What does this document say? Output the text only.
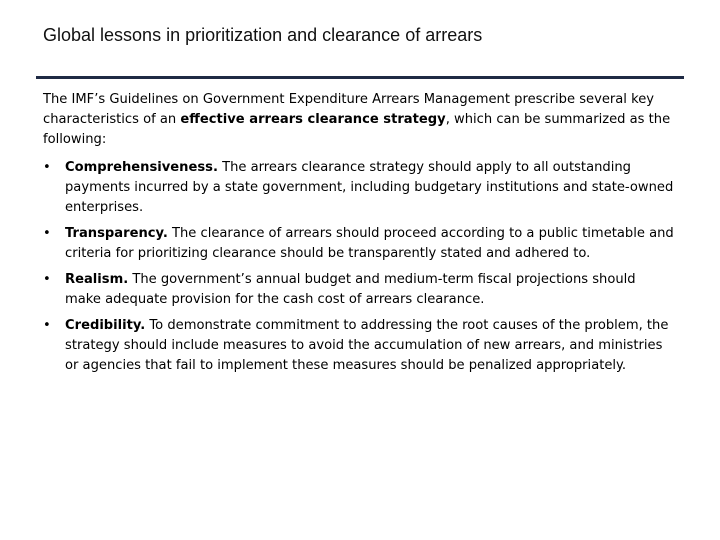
Global lessons in prioritization and clearance of arrears

The IMF’s Guidelines on Government Expenditure Arrears Management prescribe several key characteristics of an effective arrears clearance strategy, which can be summarized as the following:

•	Comprehensiveness. The arrears clearance strategy should apply to all outstanding payments incurred by a state government, including budgetary institutions and state-owned enterprises.
•	Transparency. The clearance of arrears should proceed according to a public timetable and criteria for prioritizing clearance should be transparently stated and adhered to.
•	Realism. The government’s annual budget and medium-term fiscal projections should make adequate provision for the cash cost of arrears clearance.
•	Credibility. To demonstrate commitment to addressing the root causes of the problem, the strategy should include measures to avoid the accumulation of new arrears, and ministries or agencies that fail to implement these measures should be penalized appropriately.
